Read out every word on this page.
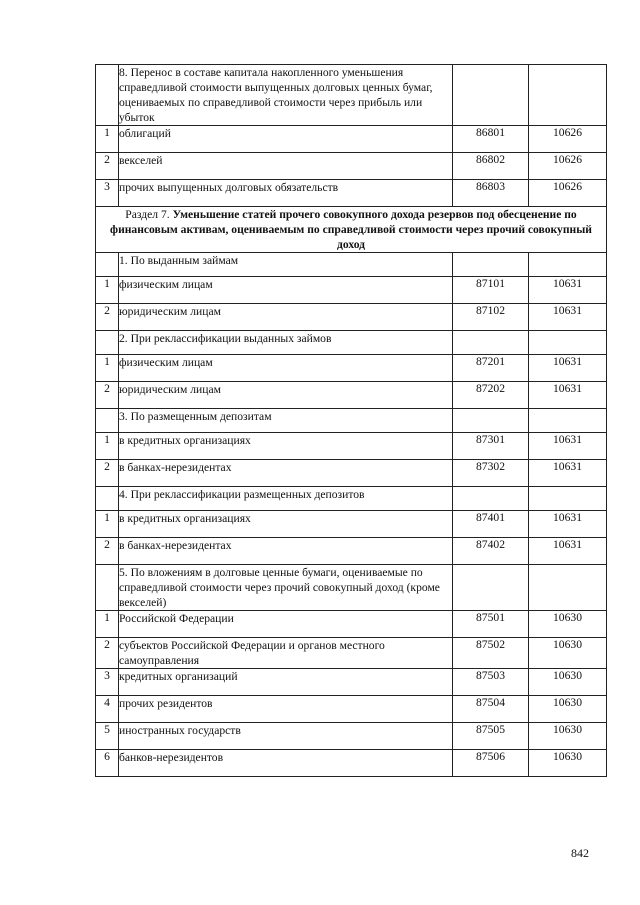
	8. Перенос в составе капитала накопленного уменьшения справедливой стоимости выпущенных долговых ценных бумаг, оцениваемых по справедливой стоимости через прибыль или убыток		
1	облигаций	86801	10626
2	векселей	86802	10626
3	прочих выпущенных долговых обязательств	86803	10626
Раздел 7. Уменьшение статей прочего совокупного дохода резервов под обесценение по финансовым активам, оцениваемым по справедливой стоимости через прочий совокупный доход			
	1. По выданным займам		
1	физическим лицам	87101	10631
2	юридическим лицам	87102	10631
	2. При реклассификации выданных займов		
1	физическим лицам	87201	10631
2	юридическим лицам	87202	10631
	3. По размещенным депозитам		
1	в кредитных организациях	87301	10631
2	в банках-нерезидентах	87302	10631
	4. При реклассификации размещенных депозитов		
1	в кредитных организациях	87401	10631
2	в банках-нерезидентах	87402	10631
	5. По вложениям в долговые ценные бумаги, оцениваемые по справедливой стоимости через прочий совокупный доход (кроме векселей)		
1	Российской Федерации	87501	10630
2	субъектов Российской Федерации и органов местного самоуправления	87502	10630
3	кредитных организаций	87503	10630
4	прочих резидентов	87504	10630
5	иностранных государств	87505	10630
6	банков-нерезидентов	87506	10630
842
